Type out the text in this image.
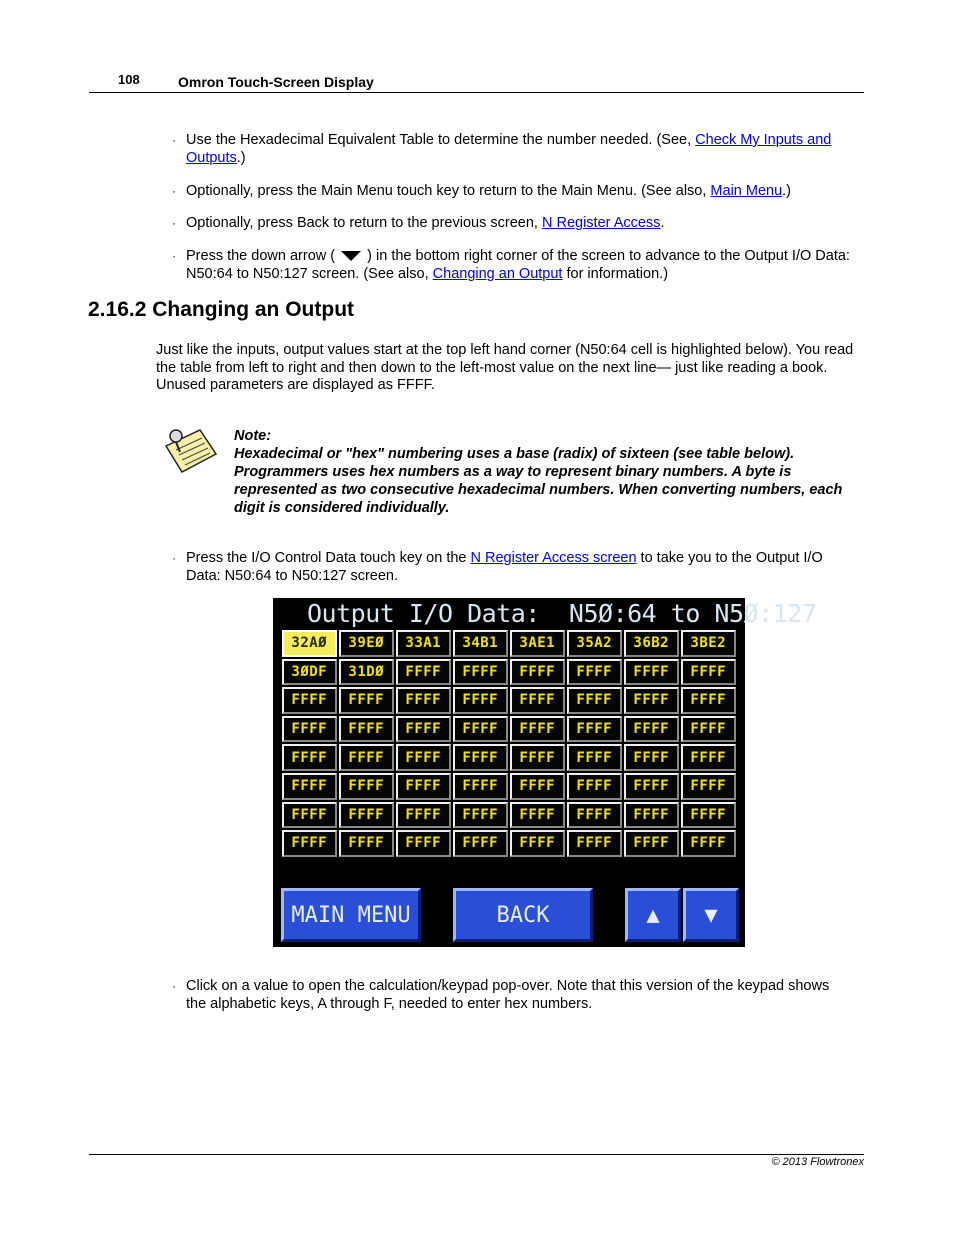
108	Omron Touch-Screen Display
· Use the Hexadecimal Equivalent Table to determine the number needed. (See, Check My Inputs and Outputs.)
· Optionally, press the Main Menu touch key to return to the Main Menu. (See also, Main Menu.)
· Optionally, press Back to return to the previous screen, N Register Access.
· Press the down arrow (  ) in the bottom right corner of the screen to advance to the Output I/O Data: N50:64 to N50:127 screen. (See also, Changing an Output for information.)
2.16.2 Changing an Output
Just like the inputs, output values start at the top left hand corner (N50:64 cell is highlighted below). You read the table from left to right and then down to the left-most value on the next line— just like reading a book. Unused parameters are displayed as FFFF.
Note:
Hexadecimal or "hex" numbering uses a base (radix) of sixteen (see table below). Programmers uses hex numbers as a way to represent binary numbers. A byte is represented as two consecutive hexadecimal numbers. When converting numbers, each digit is considered individually.
· Press the I/O Control Data touch key on the N Register Access screen to take you to the Output I/O Data: N50:64 to N50:127 screen.
Output I/O Data:  N5Ø:64 to N5Ø:127
32AØ	39EØ	33A1	34B1	3AE1	35A2	36B2	3BE2
3ØDF	31DØ	FFFF	FFFF	FFFF	FFFF	FFFF	FFFF
FFFF	FFFF	FFFF	FFFF	FFFF	FFFF	FFFF	FFFF
FFFF	FFFF	FFFF	FFFF	FFFF	FFFF	FFFF	FFFF
FFFF	FFFF	FFFF	FFFF	FFFF	FFFF	FFFF	FFFF
FFFF	FFFF	FFFF	FFFF	FFFF	FFFF	FFFF	FFFF
FFFF	FFFF	FFFF	FFFF	FFFF	FFFF	FFFF	FFFF
FFFF	FFFF	FFFF	FFFF	FFFF	FFFF	FFFF	FFFF
MAIN MENU	BACK	▲	▼
· Click on a value to open the calculation/keypad pop-over. Note that this version of the keypad shows the alphabetic keys, A through F, needed to enter hex numbers.
© 2013 Flowtronex
